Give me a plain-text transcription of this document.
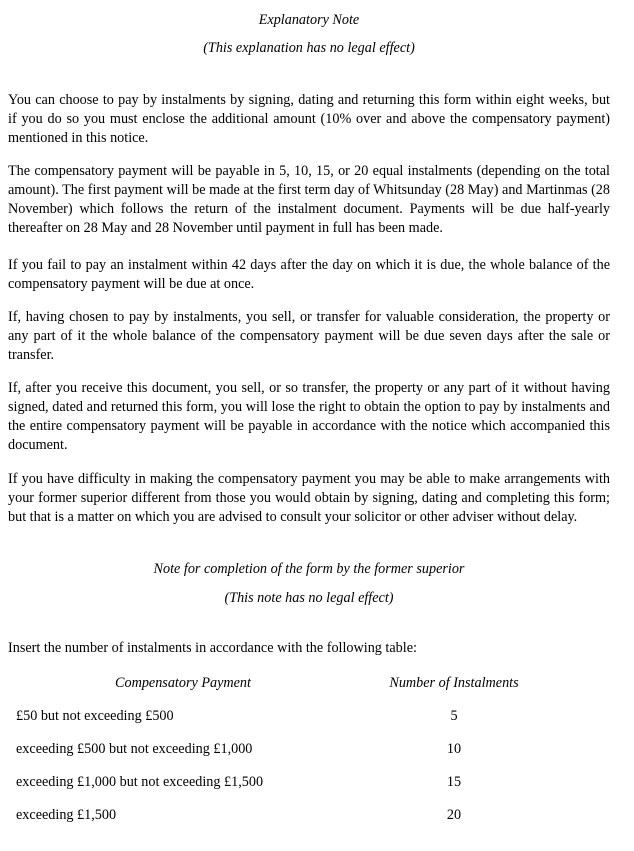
Explanatory Note

(This explanation has no legal effect)

You can choose to pay by instalments by signing, dating and returning this form within eight weeks, but if you do so you must enclose the additional amount (10% over and above the compensatory payment) mentioned in this notice.

The compensatory payment will be payable in 5, 10, 15, or 20 equal instalments (depending on the total amount). The first payment will be made at the first term day of Whitsunday (28 May) and Martinmas (28 November) which follows the return of the instalment document. Payments will be due half-yearly thereafter on 28 May and 28 November until payment in full has been made.

If you fail to pay an instalment within 42 days after the day on which it is due, the whole balance of the compensatory payment will be due at once.

If, having chosen to pay by instalments, you sell, or transfer for valuable consideration, the property or any part of it the whole balance of the compensatory payment will be due seven days after the sale or transfer.

If, after you receive this document, you sell, or so transfer, the property or any part of it without having signed, dated and returned this form, you will lose the right to obtain the option to pay by instalments and the entire compensatory payment will be payable in accordance with the notice which accompanied this document.

If you have difficulty in making the compensatory payment you may be able to make arrangements with your former superior different from those you would obtain by signing, dating and completing this form; but that is a matter on which you are advised to consult your solicitor or other adviser without delay.

Note for completion of the form by the former superior

(This note has no legal effect)

Insert the number of instalments in accordance with the following table:

Compensatory Payment	Number of Instalments
£50 but not exceeding £500	5
exceeding £500 but not exceeding £1,000	10
exceeding £1,000 but not exceeding £1,500	15
exceeding £1,500	20
